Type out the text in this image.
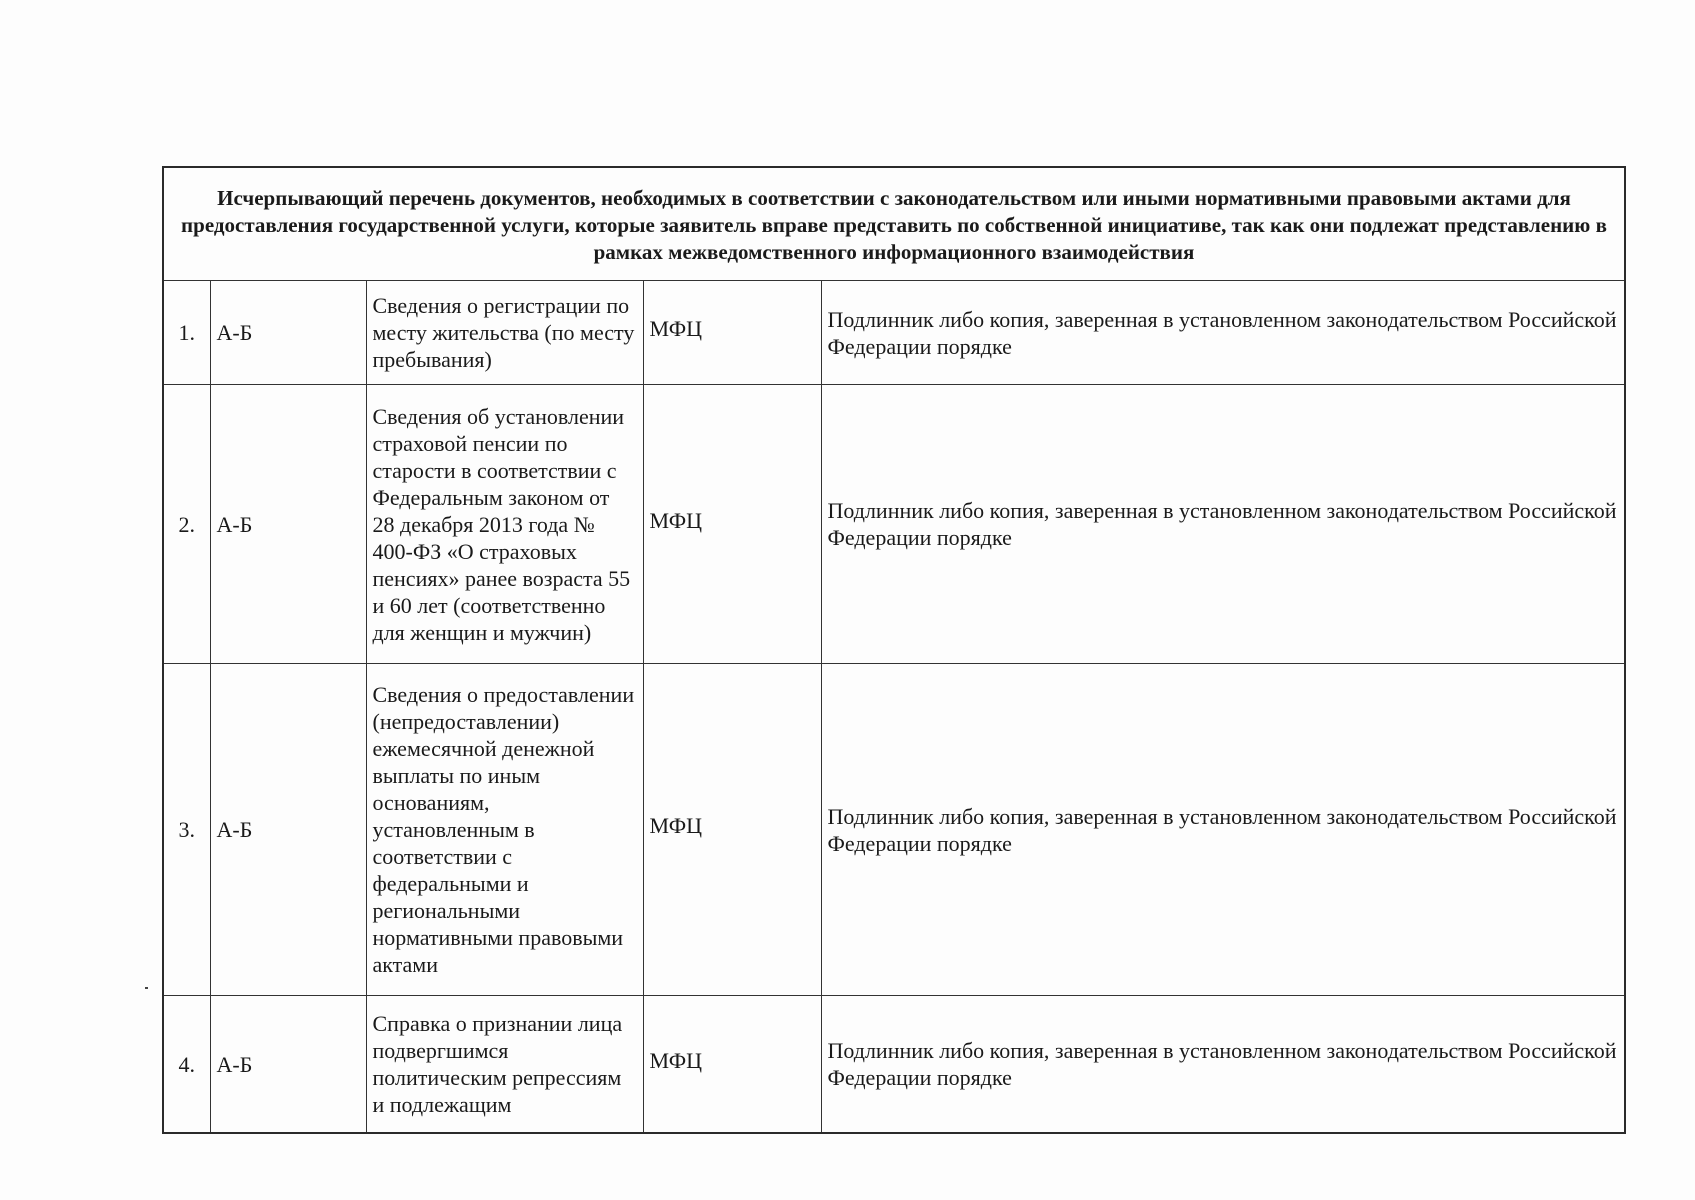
Исчерпывающий перечень документов, необходимых в соответствии с законодательством или иными нормативными правовыми актами для предоставления государственной услуги, которые заявитель вправе представить по собственной инициативе, так как они подлежат представлению в рамках межведомственного информационного взаимодействия				
1.	А-Б	Сведения о регистрации по месту жительства (по месту пребывания)	МФЦ	Подлинник либо копия, заверенная в установленном законодательством Российской Федерации порядке
2.	А-Б	Сведения об установлении страховой пенсии по старости в соответствии с Федеральным законом от 28 декабря 2013 года № 400-ФЗ «О страховых пенсиях» ранее возраста 55 и 60 лет (соответственно для женщин и мужчин)	МФЦ	Подлинник либо копия, заверенная в установленном законодательством Российской Федерации порядке
3.	А-Б	Сведения о предоставлении (непредоставлении) ежемесячной денежной выплаты по иным основаниям, установленным в соответствии с федеральными и региональными нормативными правовыми актами	МФЦ	Подлинник либо копия, заверенная в установленном законодательством Российской Федерации порядке
4.	А-Б	Справка о признании лица подвергшимся политическим репрессиям и подлежащим	МФЦ	Подлинник либо копия, заверенная в установленном законодательством Российской Федерации порядке
